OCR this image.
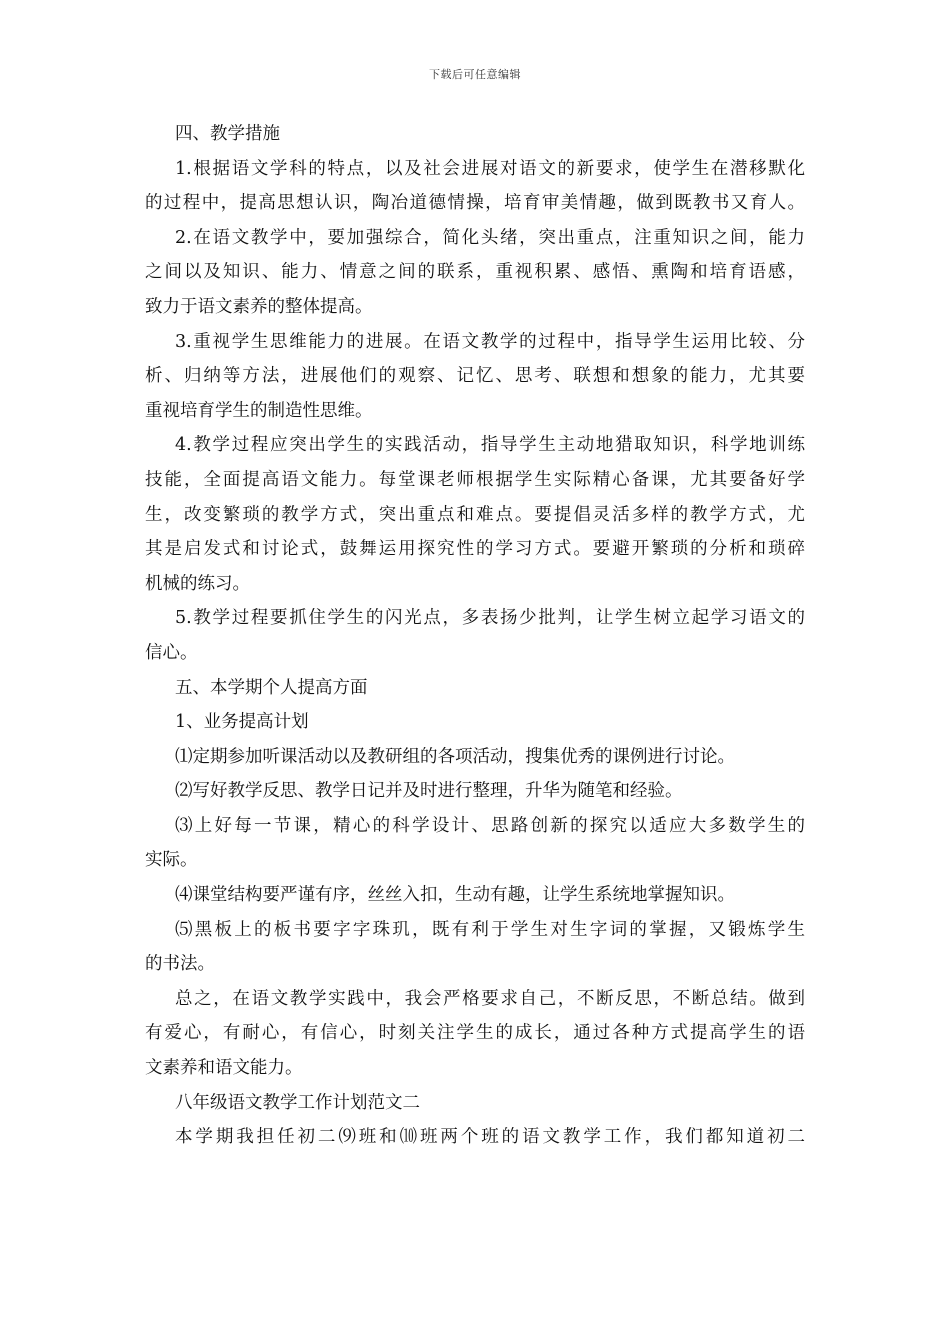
下载后可任意编辑
四、教学措施
1.根据语文学科的特点，以及社会进展对语文的新要求，使学生在潜移默化
的过程中，提高思想认识，陶冶道德情操，培育审美情趣，做到既教书又育人。
2.在语文教学中，要加强综合，简化头绪，突出重点，注重知识之间，能力
之间以及知识、能力、情意之间的联系，重视积累、感悟、熏陶和培育语感，
致力于语文素养的整体提高。
3.重视学生思维能力的进展。在语文教学的过程中，指导学生运用比较、分
析、归纳等方法，进展他们的观察、记忆、思考、联想和想象的能力，尤其要
重视培育学生的制造性思维。
4.教学过程应突出学生的实践活动，指导学生主动地猎取知识，科学地训练
技能，全面提高语文能力。每堂课老师根据学生实际精心备课，尤其要备好学
生，改变繁琐的教学方式，突出重点和难点。要提倡灵活多样的教学方式，尤
其是启发式和讨论式，鼓舞运用探究性的学习方式。要避开繁琐的分析和琐碎
机械的练习。
5.教学过程要抓住学生的闪光点，多表扬少批判，让学生树立起学习语文的
信心。
五、本学期个人提高方面
1、业务提高计划
⑴定期参加听课活动以及教研组的各项活动，搜集优秀的课例进行讨论。
⑵写好教学反思、教学日记并及时进行整理，升华为随笔和经验。
⑶上好每一节课，精心的科学设计、思路创新的探究以适应大多数学生的
实际。
⑷课堂结构要严谨有序，丝丝入扣，生动有趣，让学生系统地掌握知识。
⑸黑板上的板书要字字珠玑，既有利于学生对生字词的掌握，又锻炼学生
的书法。
总之，在语文教学实践中，我会严格要求自己，不断反思，不断总结。做到
有爱心，有耐心，有信心，时刻关注学生的成长，通过各种方式提高学生的语
文素养和语文能力。
八年级语文教学工作计划范文二
本学期我担任初二⑼班和⑽班两个班的语文教学工作，我们都知道初二
